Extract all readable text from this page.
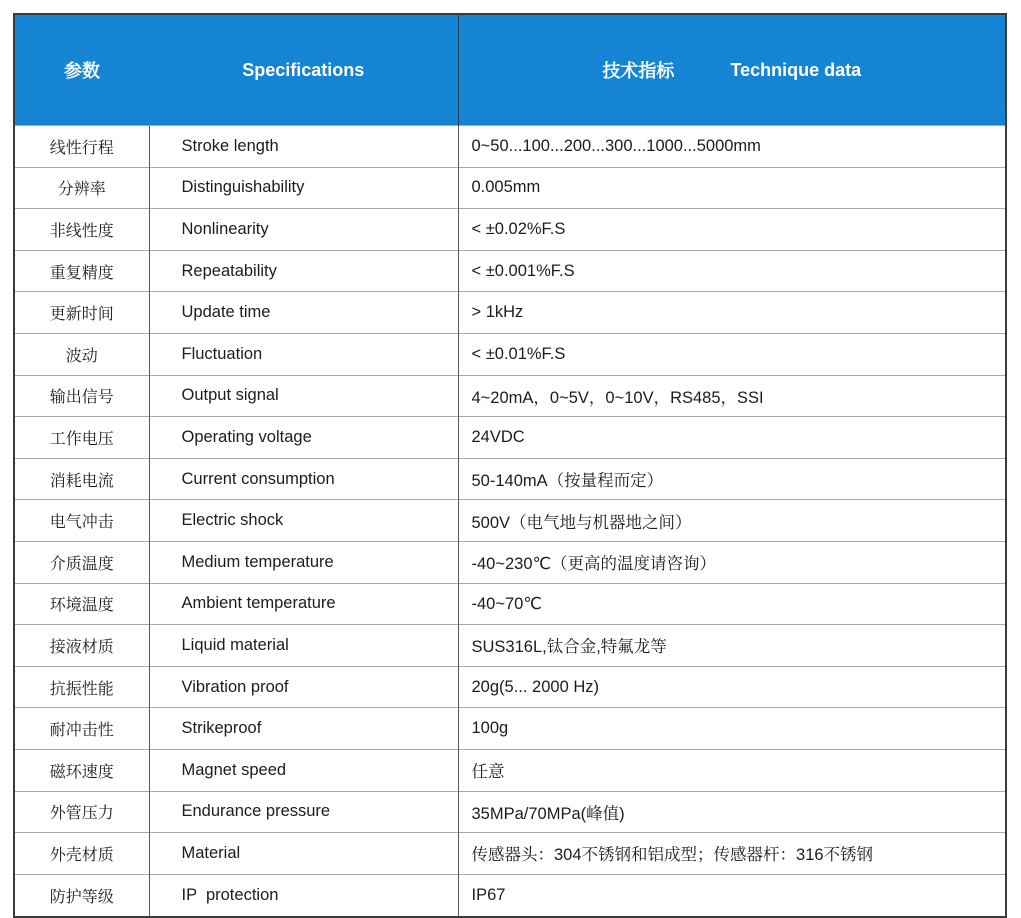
参数	Specifications	技术指标 Technique data

线性行程	Stroke length	0~50...100...200...300...1000...5000mm
分辨率	Distinguishability	0.005mm
非线性度	Nonlinearity	< ±0.02%F.S
重复精度	Repeatability	< ±0.001%F.S
更新时间	Update time	> 1kHz
波动	Fluctuation	< ±0.01%F.S
输出信号	Output signal	4~20mA，0~5V，0~10V，RS485，SSI
工作电压	Operating voltage	24VDC
消耗电流	Current consumption	50-140mA（按量程而定）
电气冲击	Electric shock	500V（电气地与机器地之间）
介质温度	Medium temperature	-40~230℃（更高的温度请咨询）
环境温度	Ambient temperature	-40~70℃
接液材质	Liquid material	SUS316L,钛合金,特氟龙等
抗振性能	Vibration proof	20g(5... 2000 Hz)
耐冲击性	Strikeproof	100g
磁环速度	Magnet speed	任意
外管压力	Endurance pressure	35MPa/70MPa(峰值)
外壳材质	Material	传感器头：304不锈钢和铝成型；传感器杆：316不锈钢
防护等级	IP  protection	IP67
